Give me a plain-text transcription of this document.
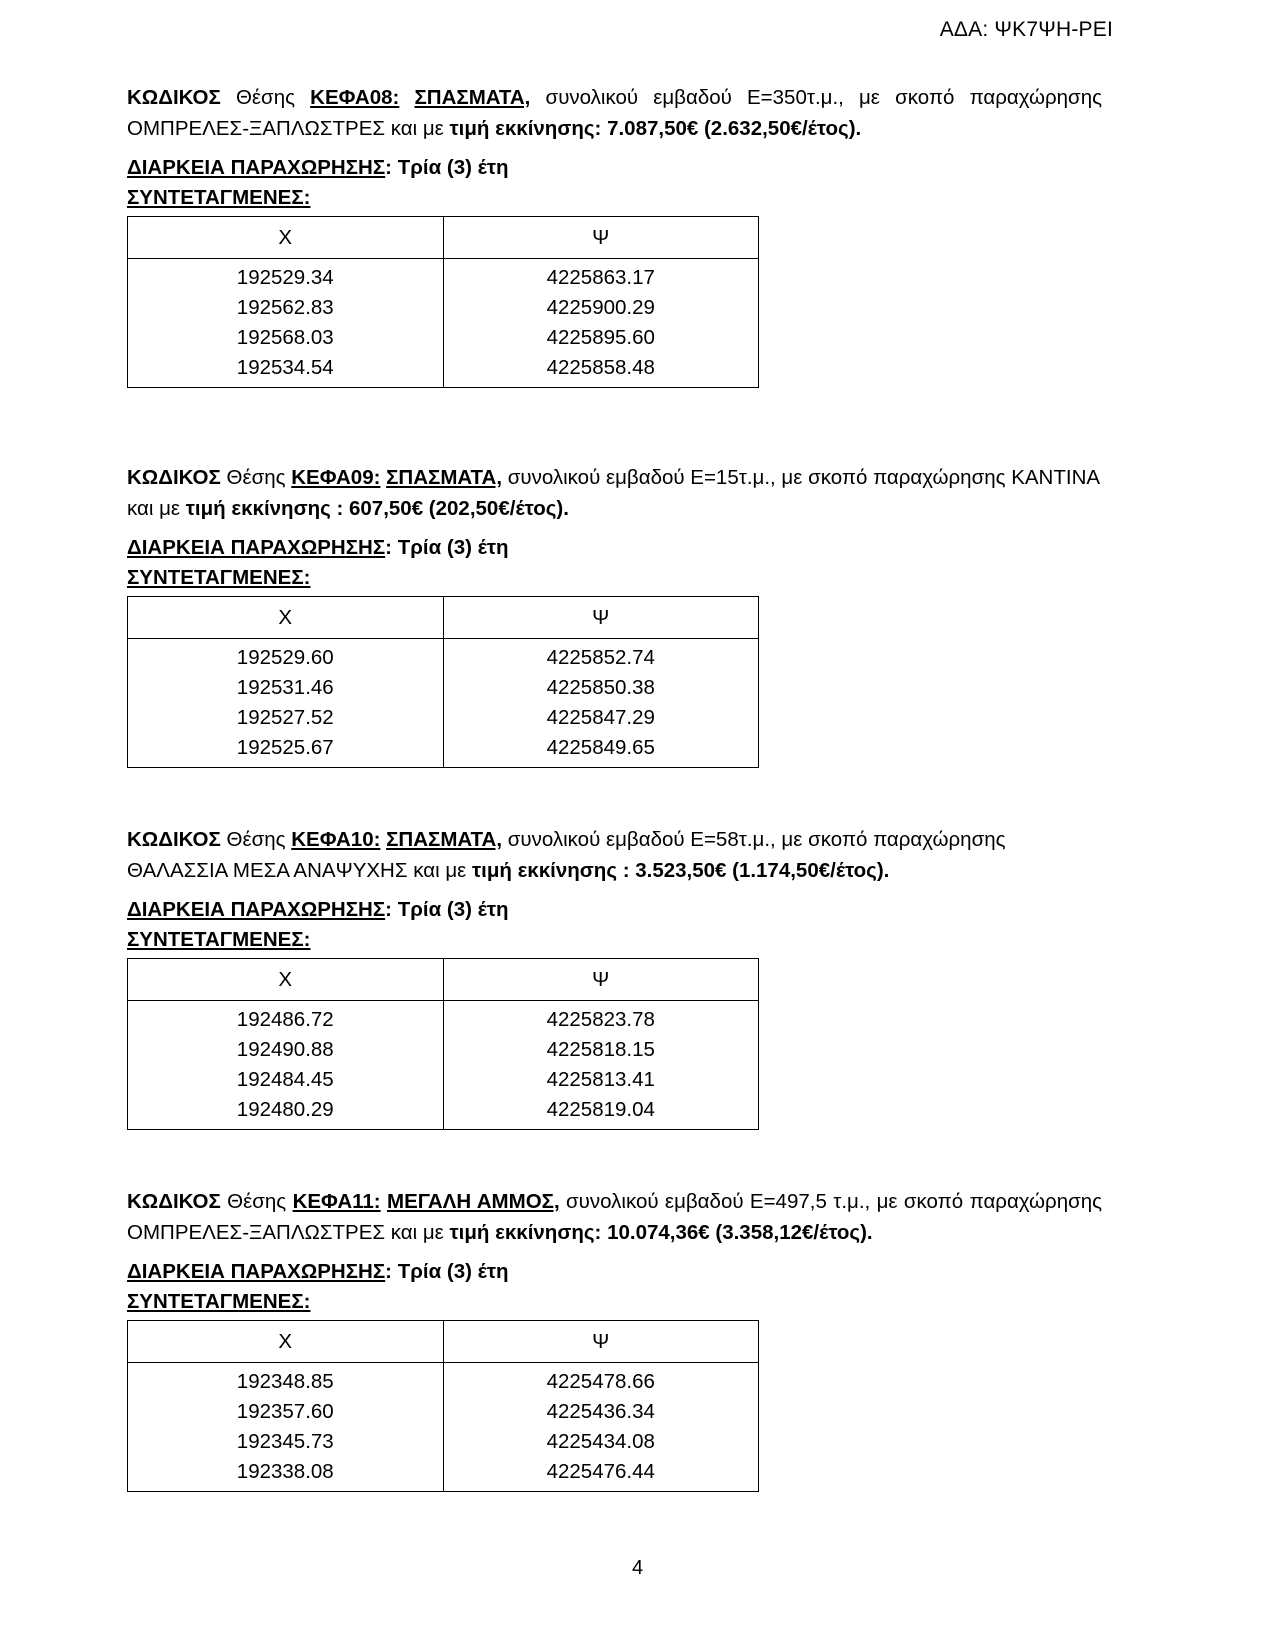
ΑΔΑ: ΨΚ7ΨΗ-ΡΕΙ

ΚΩΔΙΚΟΣ Θέσης ΚΕΦΑ08: ΣΠΑΣΜΑΤΑ, συνολικού εμβαδού Ε=350τ.μ., με σκοπό παραχώρησης ΟΜΠΡΕΛΕΣ-ΞΑΠΛΩΣΤΡΕΣ και με τιμή εκκίνησης: 7.087,50€ (2.632,50€/έτος).

ΔΙΑΡΚΕΙΑ ΠΑΡΑΧΩΡΗΣΗΣ: Τρία (3) έτη

ΣΥΝΤΕΤΑΓΜΕΝΕΣ:

Χ	Ψ
192529.34	4225863.17
192562.83	4225900.29
192568.03	4225895.60
192534.54	4225858.48

ΚΩΔΙΚΟΣ Θέσης ΚΕΦΑ09: ΣΠΑΣΜΑΤΑ, συνολικού εμβαδού Ε=15τ.μ., με σκοπό παραχώρησης ΚΑΝΤΙΝΑ και με τιμή εκκίνησης : 607,50€ (202,50€/έτος).

ΔΙΑΡΚΕΙΑ ΠΑΡΑΧΩΡΗΣΗΣ: Τρία (3) έτη

ΣΥΝΤΕΤΑΓΜΕΝΕΣ:

Χ	Ψ
192529.60	4225852.74
192531.46	4225850.38
192527.52	4225847.29
192525.67	4225849.65

ΚΩΔΙΚΟΣ Θέσης ΚΕΦΑ10: ΣΠΑΣΜΑΤΑ, συνολικού εμβαδού Ε=58τ.μ., με σκοπό παραχώρησης ΘΑΛΑΣΣΙΑ ΜΕΣΑ ΑΝΑΨΥΧΗΣ και με τιμή εκκίνησης : 3.523,50€ (1.174,50€/έτος).

ΔΙΑΡΚΕΙΑ ΠΑΡΑΧΩΡΗΣΗΣ: Τρία (3) έτη

ΣΥΝΤΕΤΑΓΜΕΝΕΣ:

Χ	Ψ
192486.72	4225823.78
192490.88	4225818.15
192484.45	4225813.41
192480.29	4225819.04

ΚΩΔΙΚΟΣ Θέσης ΚΕΦΑ11: ΜΕΓΑΛΗ ΑΜΜΟΣ, συνολικού εμβαδού Ε=497,5 τ.μ., με σκοπό παραχώρησης ΟΜΠΡΕΛΕΣ-ΞΑΠΛΩΣΤΡΕΣ και με τιμή εκκίνησης: 10.074,36€ (3.358,12€/έτος).

ΔΙΑΡΚΕΙΑ ΠΑΡΑΧΩΡΗΣΗΣ: Τρία (3) έτη

ΣΥΝΤΕΤΑΓΜΕΝΕΣ:

Χ	Ψ
192348.85	4225478.66
192357.60	4225436.34
192345.73	4225434.08
192338.08	4225476.44
4
